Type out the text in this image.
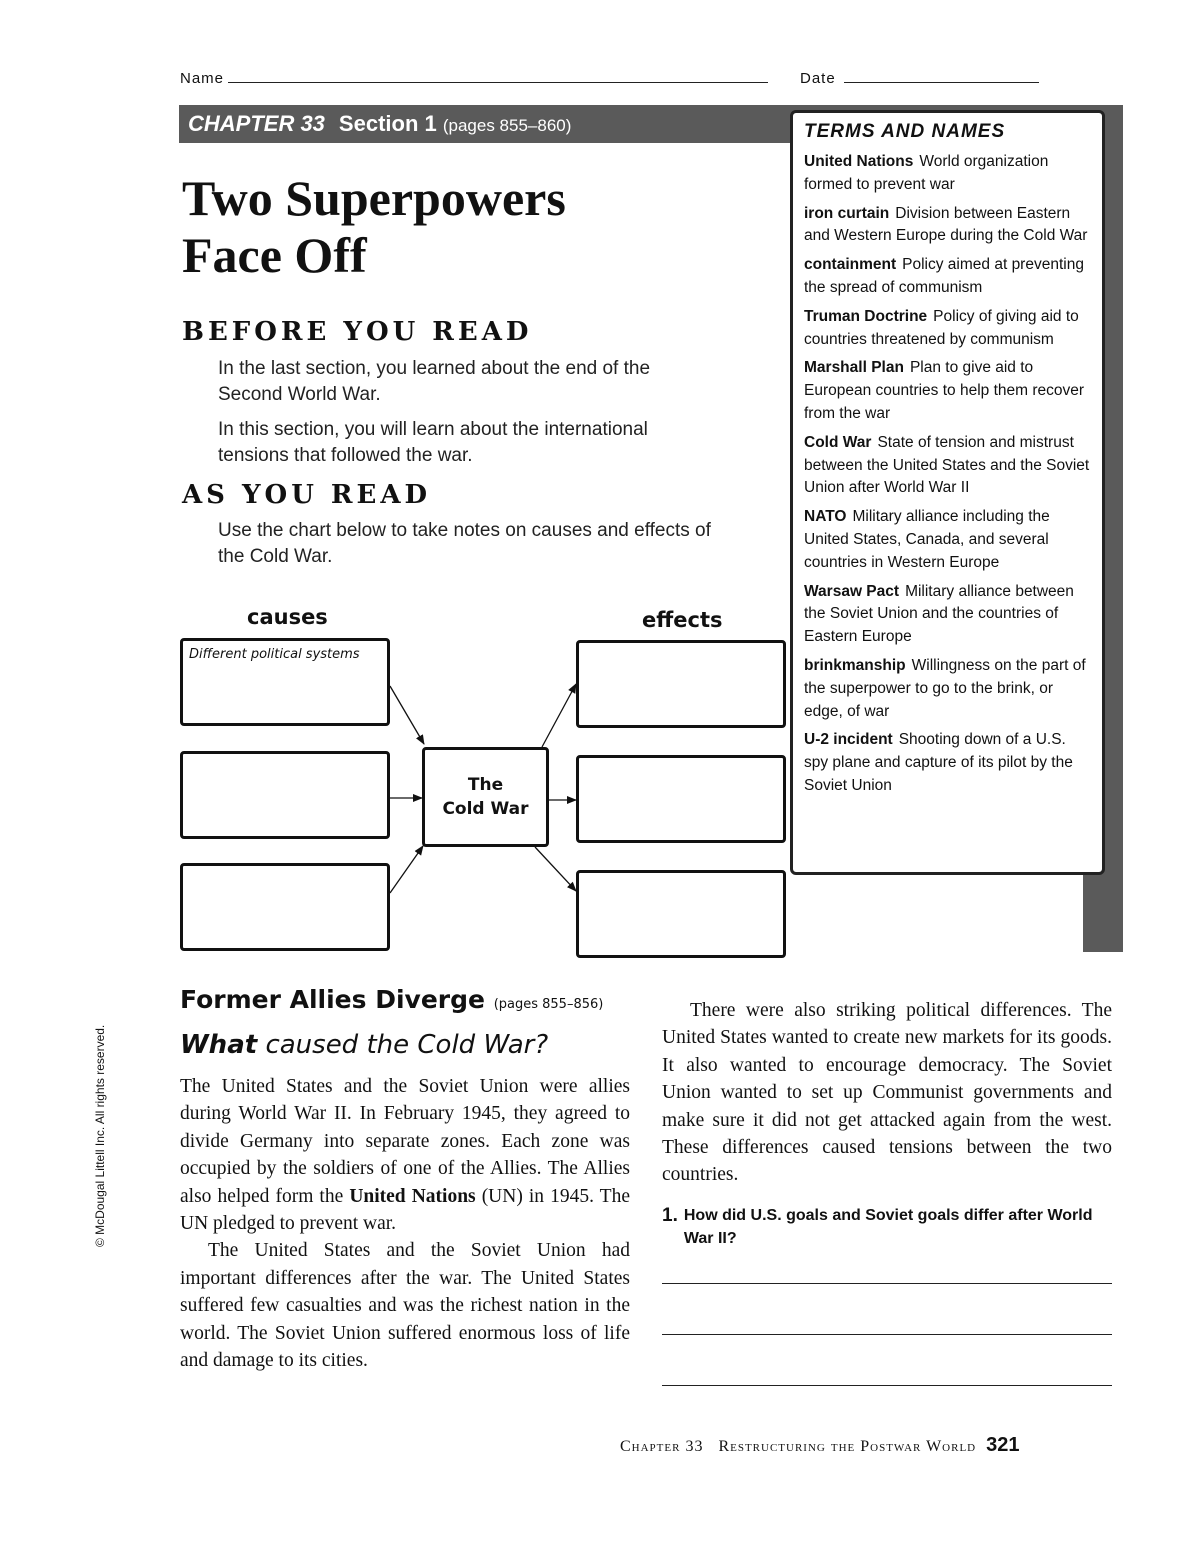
Name	Date
CHAPTER 33 Section 1 (pages 855–860)	TERMS AND NAMES
United Nations World organization formed to prevent war
iron curtain Division between Eastern and Western Europe during the Cold War
containment Policy aimed at preventing the spread of communism
Truman Doctrine Policy of giving aid to countries threatened by communism
Marshall Plan Plan to give aid to European countries to help them recover from the war
Cold War State of tension and mistrust between the United States and the Soviet Union after World War II
NATO Military alliance including the United States, Canada, and several countries in Western Europe
Warsaw Pact Military alliance between the Soviet Union and the countries of Eastern Europe
brinkmanship Willingness on the part of the superpower to go to the brink, or edge, of war
U-2 incident Shooting down of a U.S. spy plane and capture of its pilot by the Soviet Union
Two Superpowers
Face Off
BEFORE YOU READ
In the last section, you learned about the end of the Second World War.
In this section, you will learn about the international tensions that followed the war.
AS YOU READ
Use the chart below to take notes on causes and effects of the Cold War.
causes	effects
Different political systems
The
Cold War
© McDougal Littell Inc. All rights reserved.
Former Allies Diverge (pages 855–856)
What caused the Cold War?

The United States and the Soviet Union were allies during World War II. In February 1945, they agreed to divide Germany into separate zones. Each zone was occupied by the soldiers of one of the Allies. The Allies also helped form the United Nations (UN) in 1945. The UN pledged to prevent war.

The United States and the Soviet Union had important differences after the war. The United States suffered few casualties and was the richest nation in the world. The Soviet Union suffered enormous loss of life and damage to its cities.

There were also striking political differences. The United States wanted to create new markets for its goods. It also wanted to encourage democracy. The Soviet Union wanted to set up Communist governments and make sure it did not get attacked again from the west. These differences caused tensions between the two countries.

1. How did U.S. goals and Soviet goals differ after World War II?
Chapter 33   Restructuring the Postwar World 321
